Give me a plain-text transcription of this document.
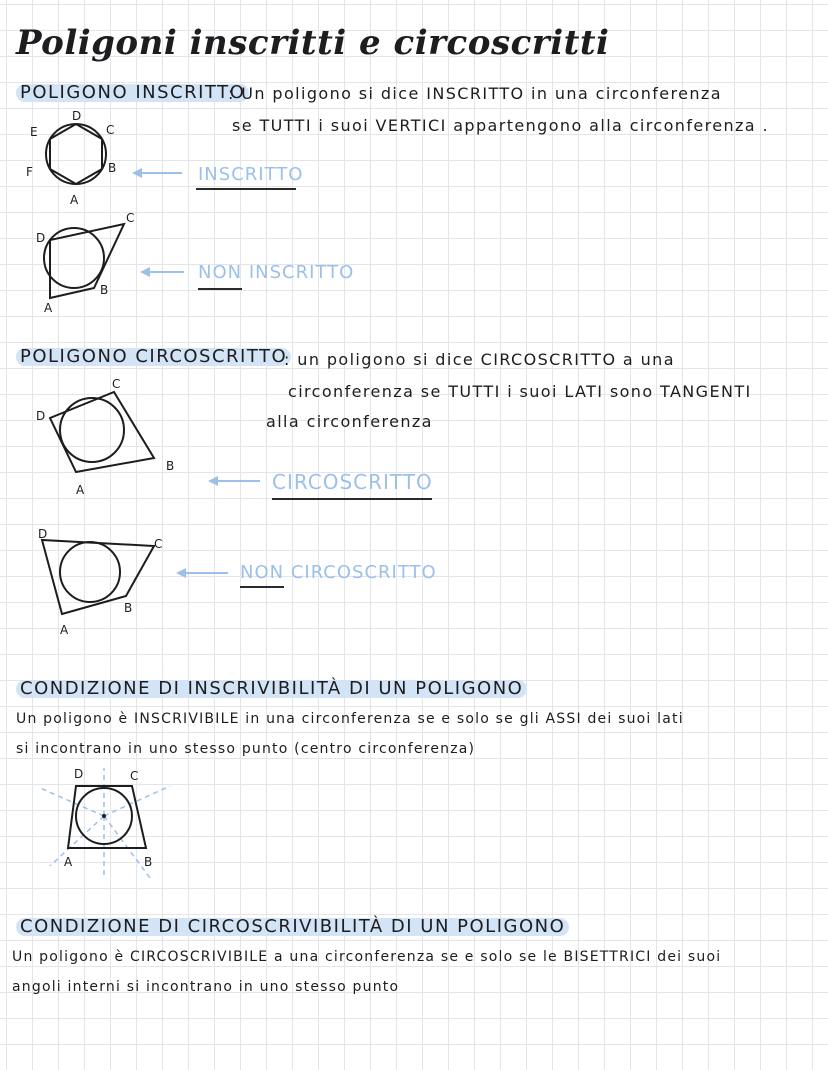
Poligoni inscritti e circoscritti
POLIGONO INSCRITTO
: Un poligono si dice INSCRITTO in una circonferenza
se TUTTI i suoi VERTICI appartengono alla circonferenza .
A
B
C
D
E
F	INSCRITTO
A
B
C
D
NON INSCRITTO
POLIGONO CIRCOSCRITTO
: un poligono si dice CIRCOSCRITTO a una
circonferenza se TUTTI i suoi LATI sono TANGENTI
alla circonferenza
A
B
C
D
CIRCOSCRITTO
A
B
C
D
NON CIRCOSCRITTO
CONDIZIONE DI INSCRIVIBILITÀ DI UN POLIGONO
Un poligono è INSCRIVIBILE in una circonferenza se e solo se gli ASSI dei suoi lati
si incontrano in uno stesso punto (centro circonferenza)
A	B
C
D
CONDIZIONE DI CIRCOSCRIVIBILITÀ DI UN POLIGONO
Un poligono è CIRCOSCRIVIBILE a una circonferenza se e solo se le BISETTRICI dei suoi
angoli interni si incontrano in uno stesso punto
